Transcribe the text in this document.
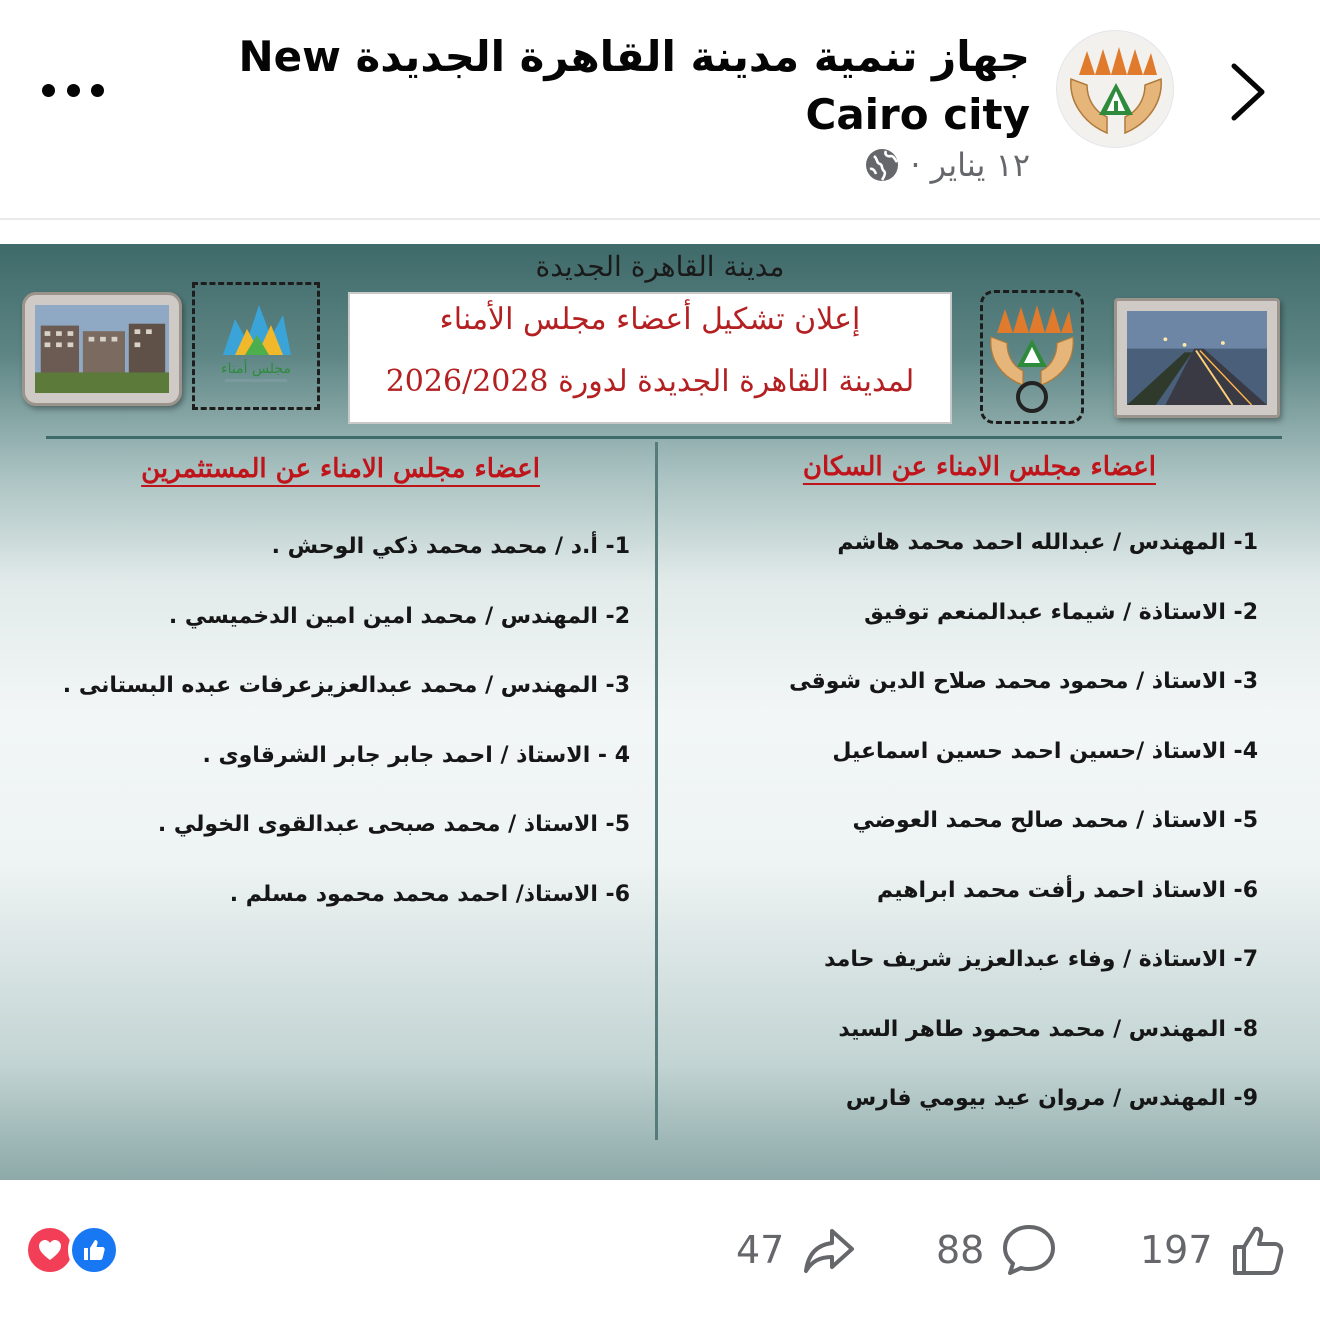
جهاز تنمية مدينة القاهرة الجديدة New Cairo city
١٢ يناير
·
مدينة القاهرة الجديدة
مجلس أمناء
إعلان تشكيل أعضاء مجلس الأمناء
لمدينة القاهرة الجديدة لدورة 2026/2028
اعضاء مجلس الامناء عن السكان
اعضاء مجلس الامناء عن المستثمرين
1- المهندس / عبدالله احمد محمد هاشم
2- الاستاذة / شيماء عبدالمنعم توفيق
3- الاستاذ / محمود محمد صلاح الدين شوقى
4- الاستاذ /حسين احمد حسين اسماعيل
5- الاستاذ / محمد صالح محمد العوضي
6- الاستاذ احمد رأفت محمد ابراهيم
7- الاستاذة / وفاء عبدالعزيز شريف حامد
8- المهندس / محمد محمود طاهر السيد
9- المهندس / مروان عيد بيومي فارس
1- أ.د / محمد محمد ذكي الوحش .
2- المهندس / محمد امين امين الدخميسي .
3- المهندس / محمد عبدالعزيزعرفات عبده البستانى .
4 - الاستاذ / احمد جابر جابر الشرقاوى .
5- الاستاذ / محمد صبحى عبدالقوى الخولي .
6- الاستاذ/ احمد محمد محمود مسلم .
47	88	197
